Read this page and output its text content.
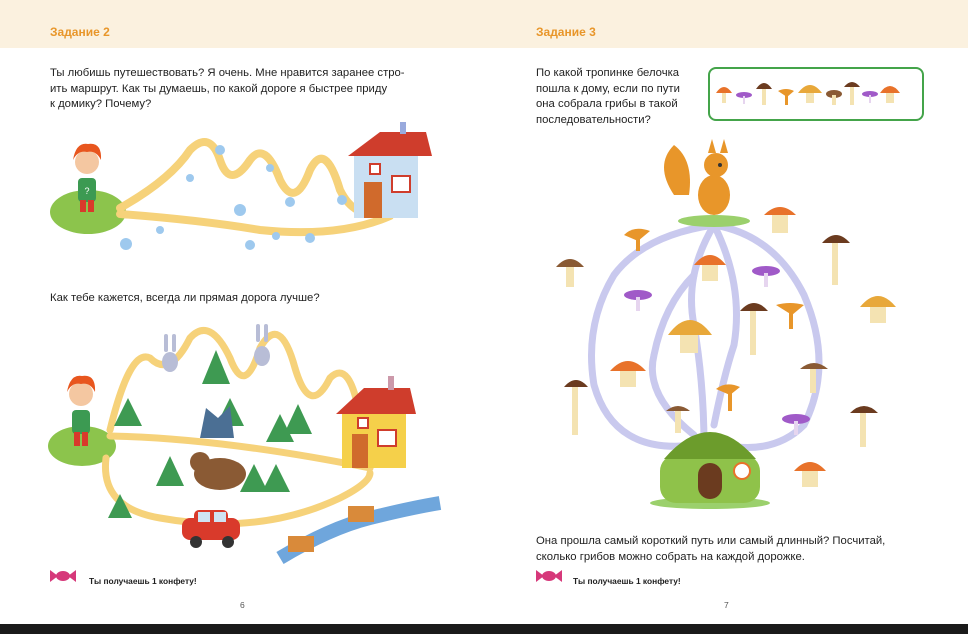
Задание 2

Ты любишь путешествовать? Я очень. Мне нравится заранее стро-
ить маршрут. Как ты думаешь, по какой дороге я быстрее приду
к домику? Почему?

?

Как тебе кажется, всегда ли прямая дорога лучше?

Ты получаешь 1 конфету!
6
Задание 3

По какой тропинке белочка
пошла к дому, если по пути
она собрала грибы в такой
последовательности?

Она прошла самый короткий путь или самый длинный? Посчитай,
сколько грибов можно собрать на каждой дорожке.

Ты получаешь 1 конфету!
7
